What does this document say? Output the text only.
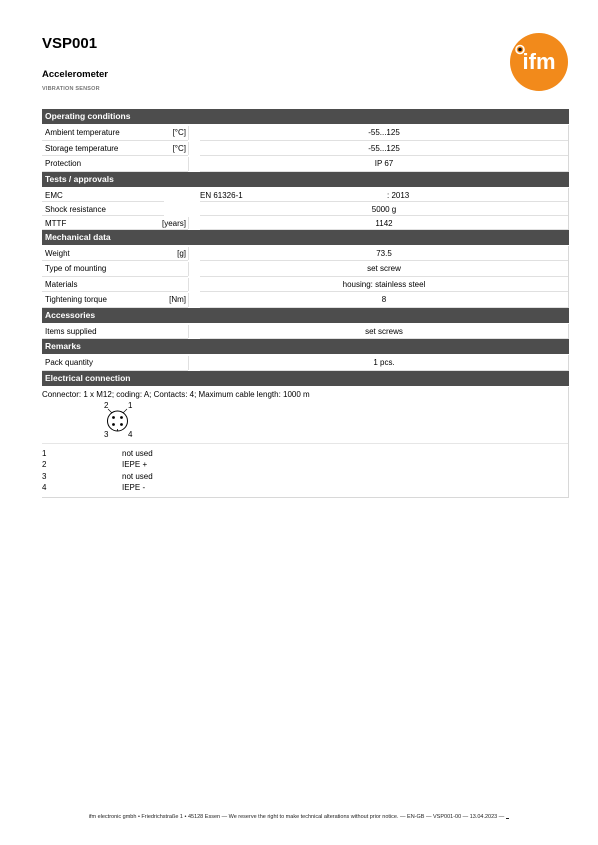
VSP001
Accelerometer
VIBRATION SENSOR
ifm
Operating conditions
Ambient temperature	[°C]	-55...125
Storage temperature	[°C]	-55...125
Protection	IP 67
Tests / approvals
EMC	EN 61326-1	: 2013
Shock resistance	5000 g
MTTF	[years]	1142
Mechanical data
Weight	[g]	73.5
Type of mounting	set screw
Materials	housing: stainless steel
Tightening torque	[Nm]	8
Accessories
Items supplied	set screws
Remarks
Pack quantity	1 pcs.
Electrical connection
Connector: 1 x M12; coding: A; Contacts: 4; Maximum cable length: 1000 m
2 1
3 4
1	not used
2	IEPE +
3	not used
4	IEPE -
ifm electronic gmbh • Friedrichstraße 1 • 45128 Essen — We reserve the right to make technical alterations without prior notice. — EN-GB — VSP001-00 — 13.04.2023 —
